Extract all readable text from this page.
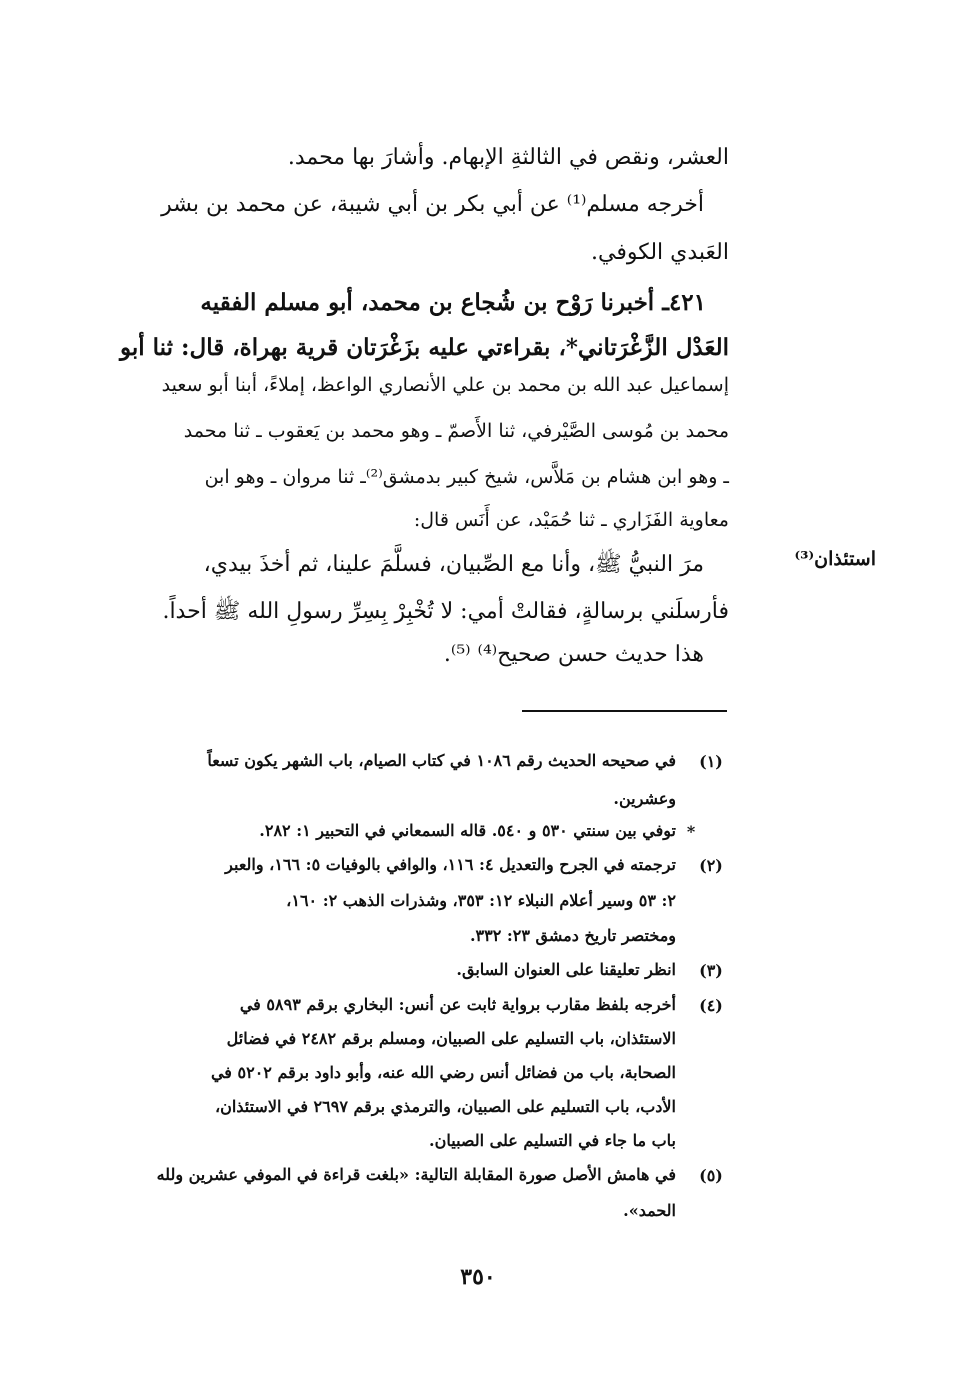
العشر، ونقص في الثالثةِ الإبهام. وأشارَ بها محمد.
أخرجه مسلم⁽¹⁾ عن أبي بكر بن أبي شيبة، عن محمد بن بشر
العَبدي الكوفي.
٤٢١ـ أخبرنا رَوْح بن شُجاع بن محمد، أبو مسلم الفقيه
العَدْل الزَّغْرَتاني*، بقراءتي عليه بزَغْرَتان قرية بهراة، قال: ثنا أبو
إسماعيل عبد الله بن محمد بن علي الأنصاري الواعظ، إملاءً، أبنا أبو سعيد
محمد بن مُوسى الصَّيْرفي، ثنا الأَصمّ ـ وهو محمد بن يَعقوب ـ ثنا محمد
ـ وهو ابن هشام بن مَلاَّس، شيخ كبير بدمشق⁽²⁾ـ ثنا مروان ـ وهو ابن
معاوية الفَزَاري ـ ثنا حُمَيْد، عن أَنَس قال:
استئذان⁽³⁾
مرَ النبيُّ ﷺ، وأنا مع الصِّبيان، فسلَّمَ علينا، ثم أخذَ بيدي،
فأرسلَني برسالةٍ، فقالتْ أمي: لا تُخْبِرْ بِسِرِّ رسولِ الله ﷺ أحداً.
هذا حديث حسن صحيح⁽⁴⁾ ⁽⁵⁾.
(١)
في صحيحه الحديث رقم ١٠٨٦ في كتاب الصيام، باب الشهر يكون تسعاً
وعشرين.
*
توفي بين سنتي ٥٣٠ و ٥٤٠. قاله السمعاني في التحبير ١: ٢٨٢.
(٢)
ترجمته في الجرح والتعديل ٤: ١١٦، والوافي بالوفيات ٥: ١٦٦، والعبر
٢: ٥٣ وسير أعلام النبلاء ١٢: ٣٥٣، وشذرات الذهب ٢: ١٦٠،
ومختصر تاريخ دمشق ٢٣: ٣٣٢.
(٣)
انظر تعليقنا على العنوان السابق.
(٤)
أخرجه بلفظ مقارب برواية ثابت عن أنس: البخاري برقم ٥٨٩٣ في
الاستئذان، باب التسليم على الصبيان، ومسلم برقم ٢٤٨٢ في فضائل
الصحابة، باب من فضائل أنس رضي الله عنه، وأبو داود برقم ٥٢٠٢ في
الأدب، باب التسليم على الصبيان، والترمذي برقم ٢٦٩٧ في الاستئذان،
باب ما جاء في التسليم على الصبيان.
(٥)
في هامش الأصل صورة المقابلة التالية: «بلغت قراءة في الموفي عشرين ولله
الحمد».
٣٥٠
